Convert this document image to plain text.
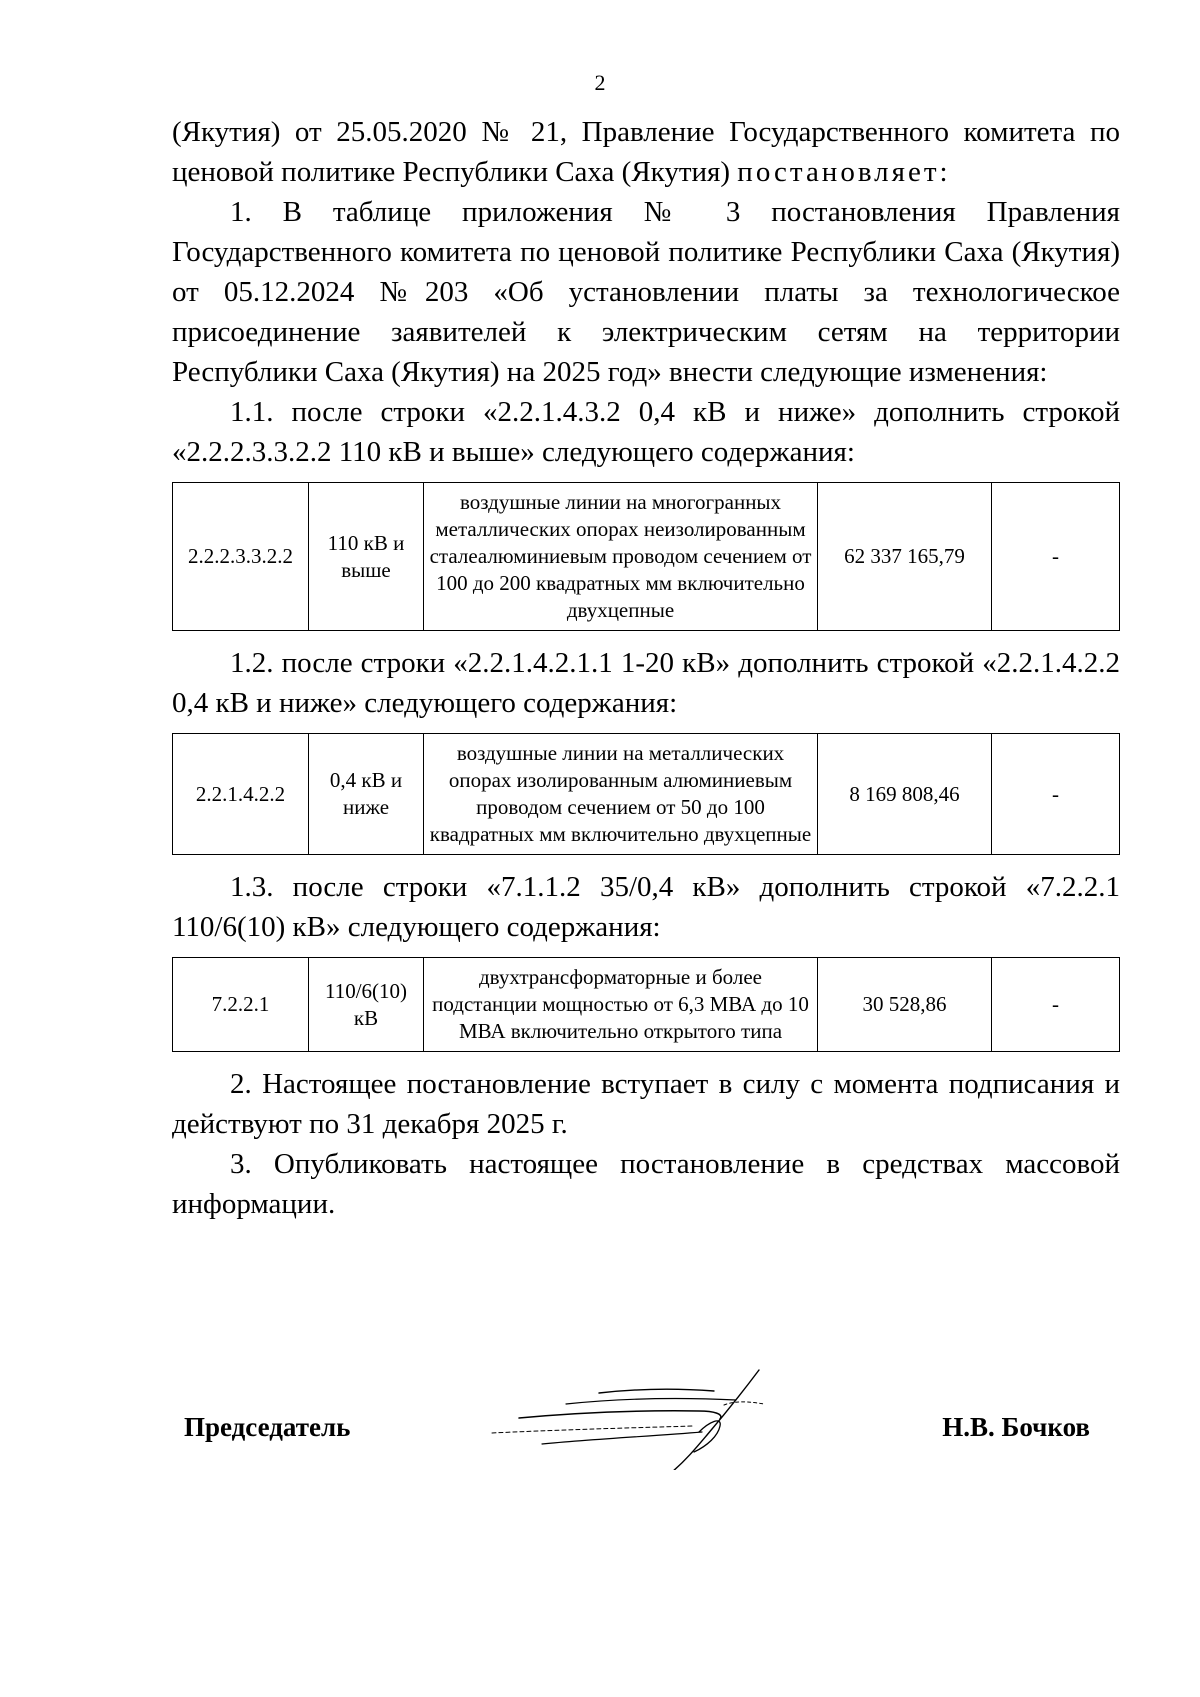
2

(Якутия) от 25.05.2020 № 21, Правление Государственного комитета по ценовой политике Республики Саха (Якутия) постановляет:

1. В таблице приложения № 3 постановления Правления

Государственного комитета по ценовой политике Республики Саха (Якутия) от 05.12.2024 №203 «Об установлении платы за технологическое присоединение заявителей к электрическим сетям на территории Республики Саха (Якутия) на 2025 год» внести следующие изменения:

1.1. после строки «2.2.1.4.3.2 0,4 кВ и ниже» дополнить строкой «2.2.2.3.3.2.2 110 кВ и выше» следующего содержания:

2.2.2.3.3.2.2	110 кВ и выше	воздушные линии на многогранных металлических опорах неизолированным сталеалюминиевым проводом сечением от 100 до 200 квадратных мм включительно двухцепные	62 337 165,79	-

1.2. после строки «2.2.1.4.2.1.1 1-20 кВ» дополнить строкой «2.2.1.4.2.2 0,4 кВ и ниже» следующего содержания:

2.2.1.4.2.2	0,4 кВ и ниже	воздушные линии на металлических опорах изолированным алюминиевым проводом сечением от 50 до 100 квадратных мм включительно двухцепные	8 169 808,46	-

1.3. после строки «7.1.1.2 35/0,4 кВ» дополнить строкой «7.2.2.1 110/6(10) кВ» следующего содержания:

7.2.2.1	110/6(10) кВ	двухтрансформаторные и более подстанции мощностью от 6,3 МВА до 10 МВА включительно открытого типа	30 528,86	-

2. Настоящее постановление вступает в силу с момента подписания и действуют по 31 декабря 2025 г.

3. Опубликовать настоящее постановление в средствах массовой информации.

Председатель	Н.В. Бочков
